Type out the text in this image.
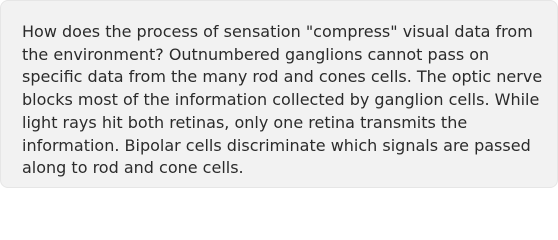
How does the process of sensation "compress" visual data from the environment? Outnumbered ganglions cannot pass on specific data from the many rod and cones cells. The optic nerve blocks most of the information collected by ganglion cells. While light rays hit both retinas, only one retina transmits the information. Bipolar cells discriminate which signals are passed along to rod and cone cells.
